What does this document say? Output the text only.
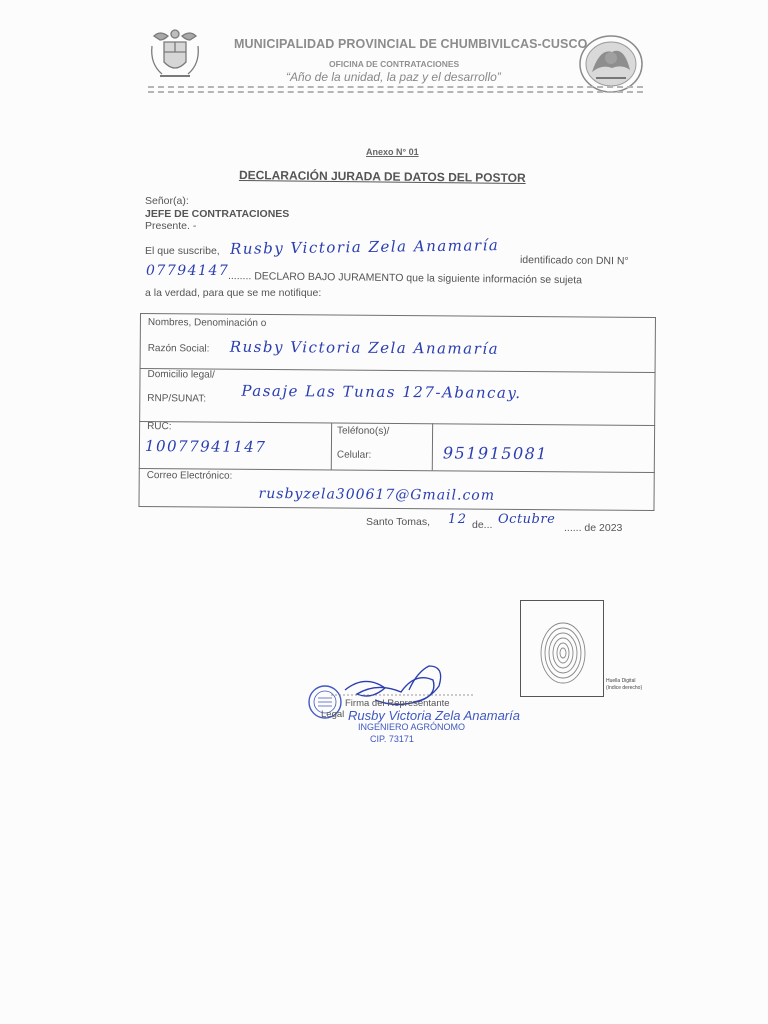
MUNICIPALIDAD PROVINCIAL DE CHUMBIVILCAS-CUSCO
OFICINA DE CONTRATACIONES
“Año de la unidad, la paz y el desarrollo”
Anexo N° 01
DECLARACIÓN JURADA DE DATOS DEL POSTOR
Señor(a):
JEFE DE CONTRATACIONES
Presente. -
El que suscribe, Rusby Victoria Zela Anamaría
identificado con DNI N°
07794147
........ DECLARO BAJO JURAMENTO que la siguiente información se sujeta
a la verdad, para que se me notifique:
Nombres, Denominación o
Razón Social: Rusby Victoria Zela Anamaría
Domicilio legal/
RNP/SUNAT: Pasaje Las Tunas 127-Abancay.
RUC:
10077941147
Teléfono(s)/
Celular:	951915081
Correo Electrónico:
rusbyzela300617@Gmail.com
Santo Tomas, 12 de... Octubre
...... de 2023
Huella Digital
(índice derecho)
Firma del Representante
Legal Rusby Victoria Zela Anamaría
INGENIERO AGRÓNOMO
CIP. 73171
